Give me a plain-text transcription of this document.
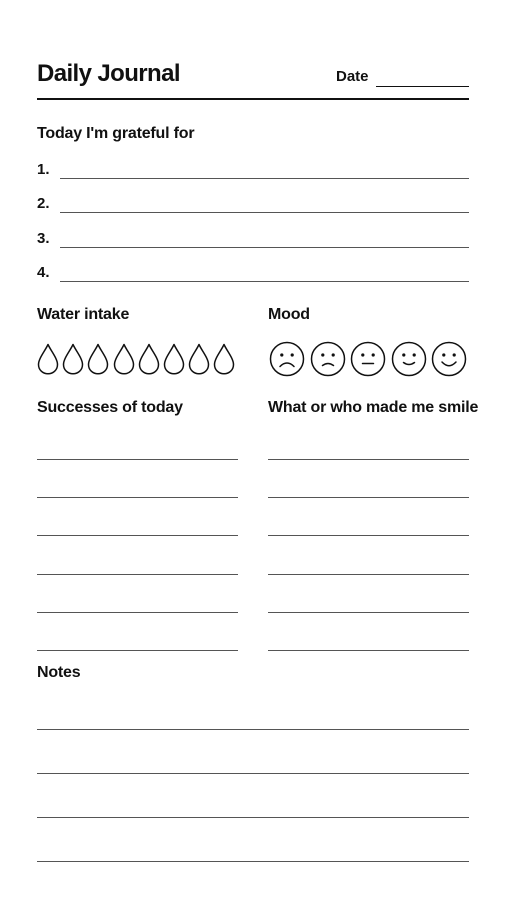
Daily Journal	Date
Today I'm grateful for
1.
2.
3.
4.
Water intake	Mood
Successes of today	What or who made me smile
Notes
